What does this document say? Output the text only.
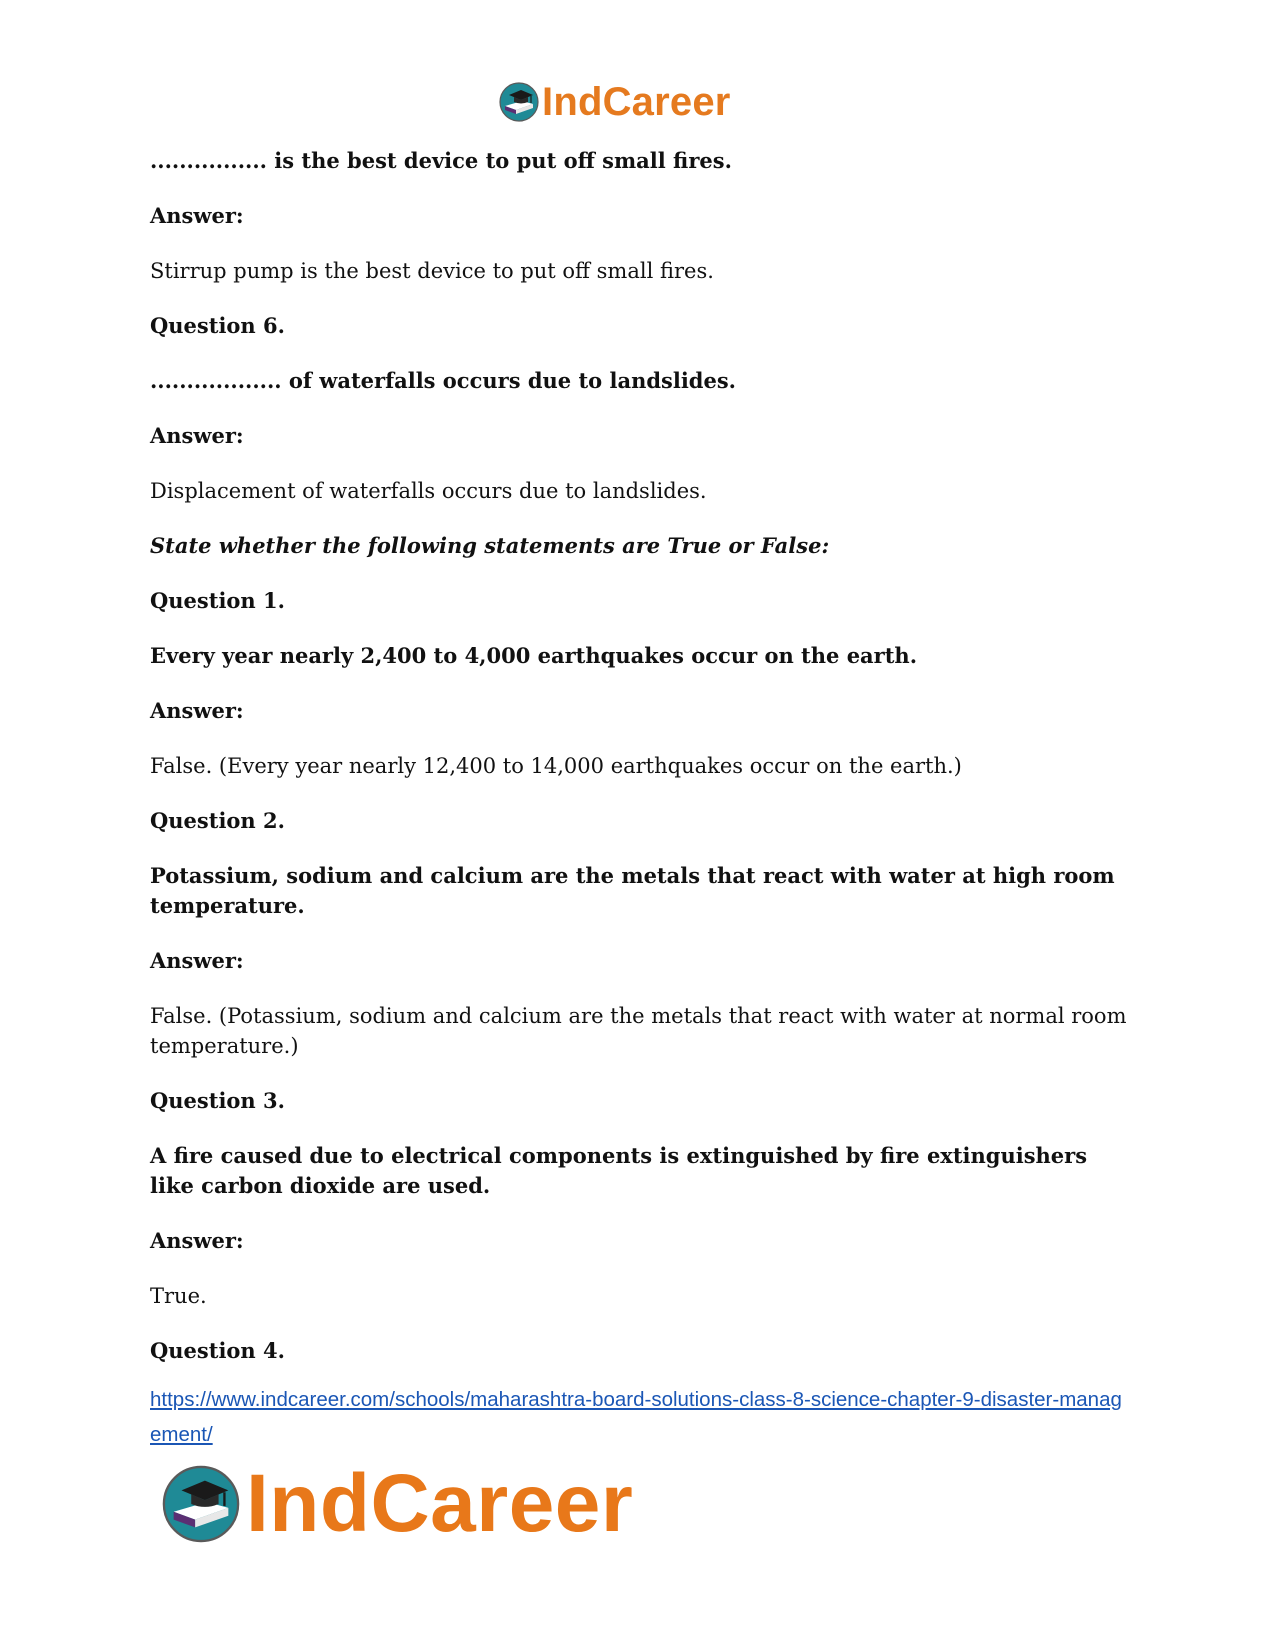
IndCareer

................ is the best device to put off small fires.

Answer:

Stirrup pump is the best device to put off small fires.

Question 6.

.................. of waterfalls occurs due to landslides.

Answer:

Displacement of waterfalls occurs due to landslides.

State whether the following statements are True or False:

Question 1.

Every year nearly 2,400 to 4,000 earthquakes occur on the earth.

Answer:

False. (Every year nearly 12,400 to 14,000 earthquakes occur on the earth.)

Question 2.

Potassium, sodium and calcium are the metals that react with water at high room temperature.

Answer:

False. (Potassium, sodium and calcium are the metals that react with water at normal room temperature.)

Question 3.

A fire caused due to electrical components is extinguished by fire extinguishers like carbon dioxide are used.

Answer:

True.

Question 4.

https://www.indcareer.com/schools/maharashtra-board-solutions-class-8-science-chapter-9-disaster-management/
IndCareer
